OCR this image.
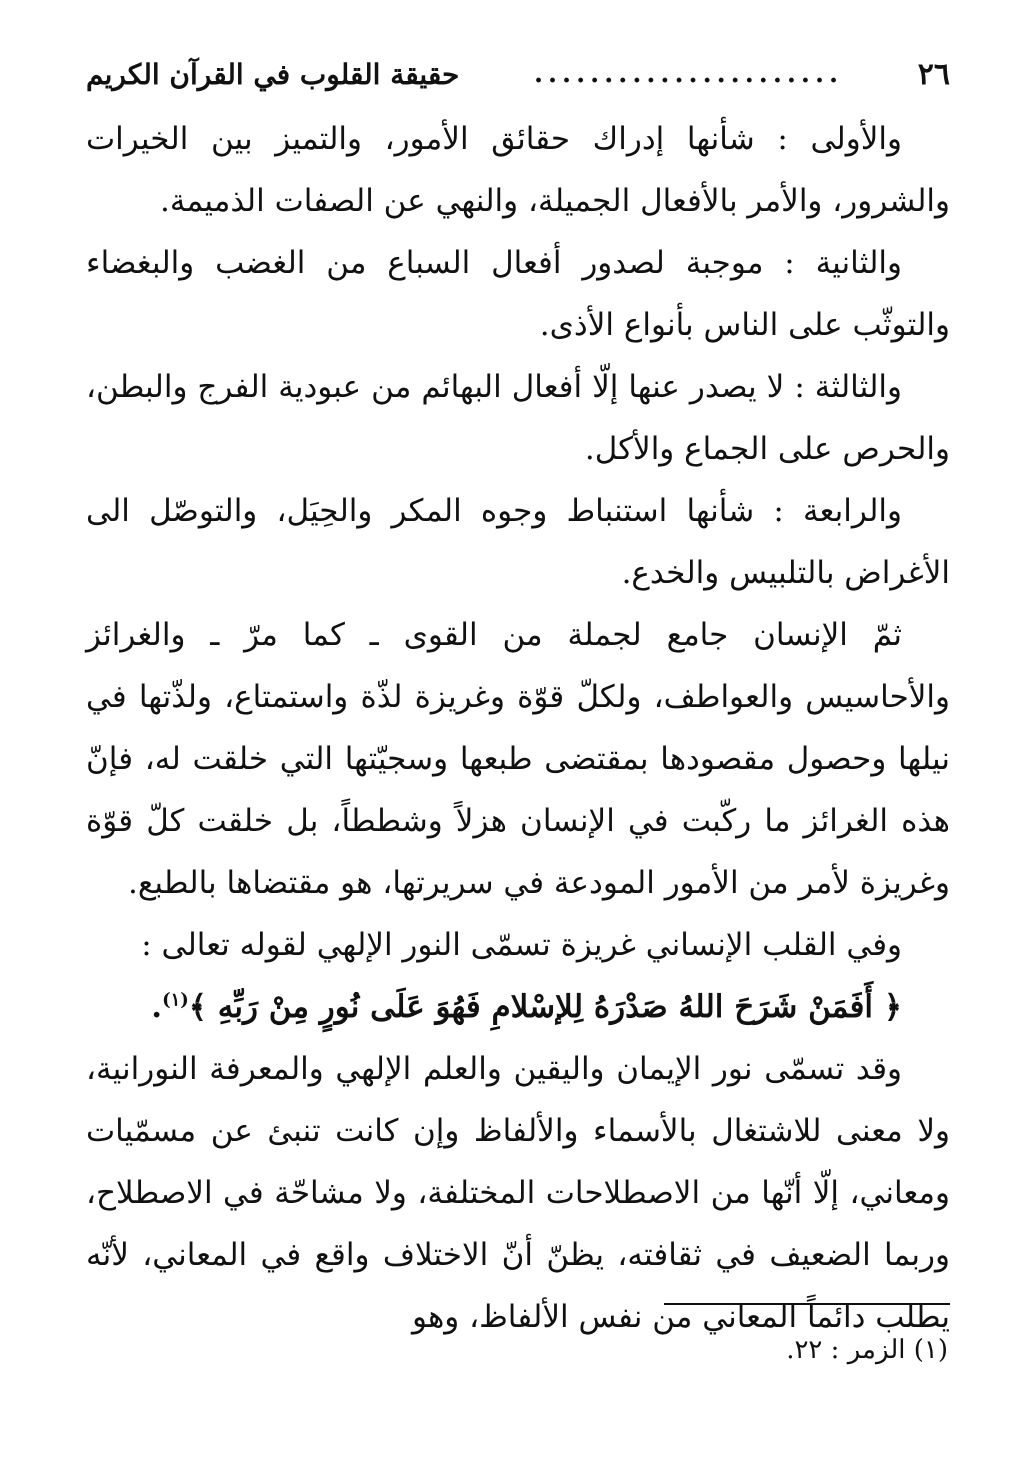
٢٦
......................
حقيقة القلوب في القرآن الكريم

والأولى : شأنها إدراك حقائق الأمور، والتميز بين الخيرات والشرور، والأمر بالأفعال الجميلة، والنهي عن الصفات الذميمة.

والثانية : موجبة لصدور أفعال السباع من الغضب والبغضاء والتوثّب على الناس بأنواع الأذى.

والثالثة : لا يصدر عنها إلّا أفعال البهائم من عبودية الفرج والبطن، والحرص على الجماع والأكل.

والرابعة : شأنها استنباط وجوه المكر والحِيَل، والتوصّل الى الأغراض بالتلبيس والخدع.

ثمّ الإنسان جامع لجملة من القوى ـ كما مرّ ـ والغرائز والأحاسيس والعواطف، ولكلّ قوّة وغريزة لذّة واستمتاع، ولذّتها في نيلها وحصول مقصودها بمقتضى طبعها وسجيّتها التي خلقت له، فإنّ هذه الغرائز ما ركّبت في الإنسان هزلاً وشططاً، بل خلقت كلّ قوّة وغريزة لأمر من الأمور المودعة في سريرتها، هو مقتضاها بالطبع.

وفي القلب الإنساني غريزة تسمّى النور الإلهي لقوله تعالى :

﴿ أَفَمَنْ شَرَحَ اللهُ صَدْرَهُ لِلإسْلامِ فَهُوَ عَلَى نُورٍ مِنْ رَبِّهِ ﴾$^{(١)}$.

وقد تسمّى نور الإيمان واليقين والعلم الإلهي والمعرفة النورانية، ولا معنى للاشتغال بالأسماء والألفاظ وإن كانت تنبئ عن مسمّيات ومعاني، إلّا أنّها من الاصطلاحات المختلفة، ولا مشاحّة في الاصطلاح، وربما الضعيف في ثقافته، يظنّ أنّ الاختلاف واقع في المعاني، لأنّه يطلب دائماً المعاني من نفس الألفاظ، وهو

(١) الزمر : ٢٢.
